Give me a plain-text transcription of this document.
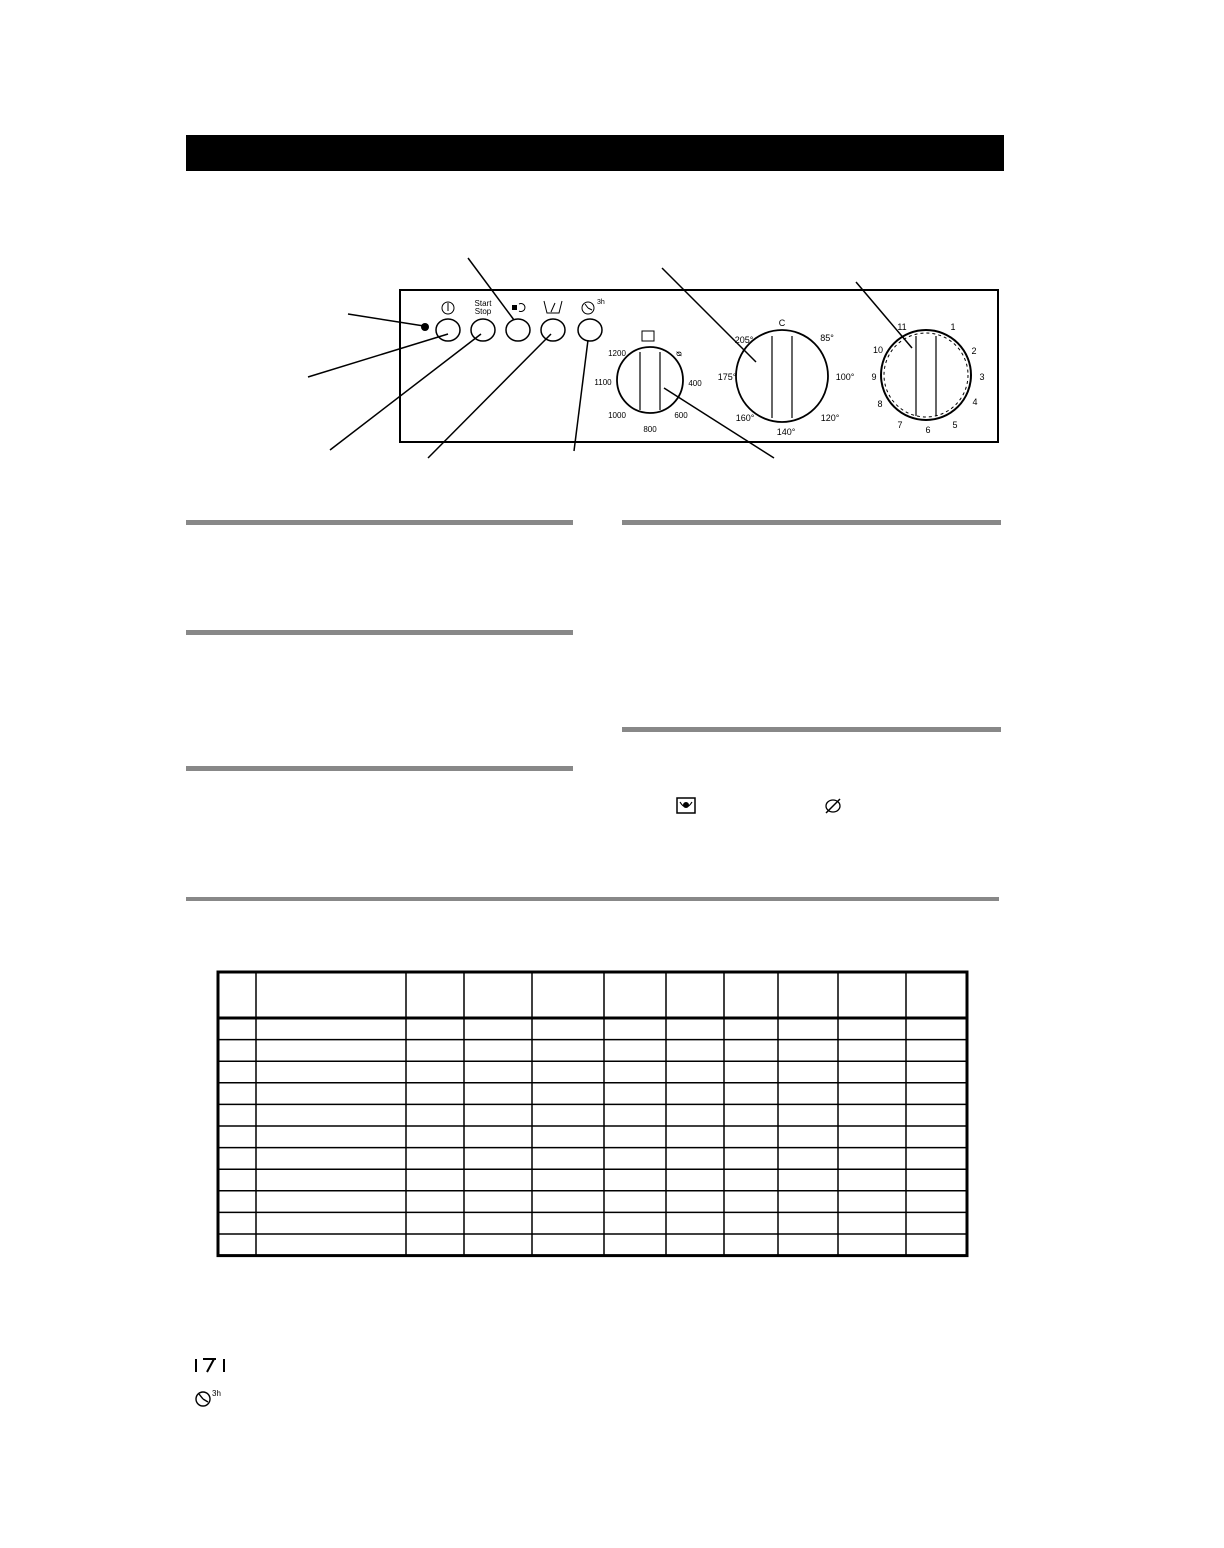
Start
Stop
3h
1200
1100
1000
800
600
400
ᴓ
C
85°
100°
120°
140°
160°
175°
205°
11	1
2
3
4
5
6
7
8
9
10
3h
